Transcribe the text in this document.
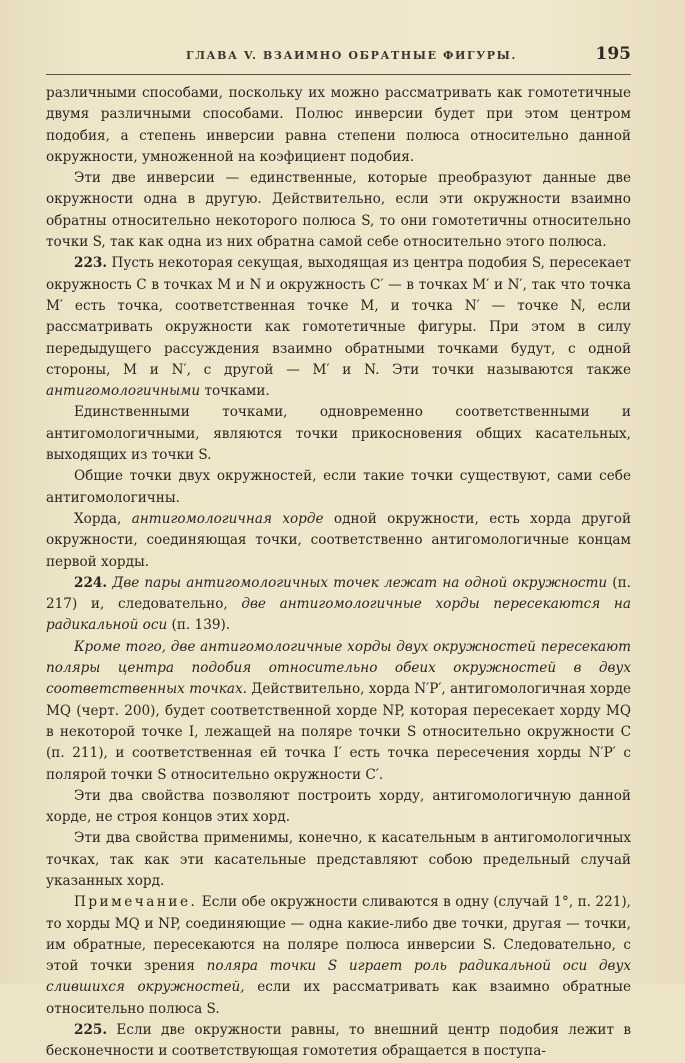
ГЛАВА V. ВЗАИМНО ОБРАТНЫЕ ФИГУРЫ.	195

различными способами, поскольку их можно рассматривать как гомотетичные двумя различными способами. Полюс инверсии будет при этом центром подобия, а степень инверсии равна степени полюса относительно данной окружности, умноженной на коэфициент подобия.

Эти две инверсии — единственные, которые преобразуют данные две окружности одна в другую. Действительно, если эти окружности взаимно обратны относительно некоторого полюса S, то они гомотетичны относительно точки S, так как одна из них обратна самой себе относительно этого полюса.

223. Пусть некоторая секущая, выходящая из центра подобия S, пересекает окружность C в точках M и N и окружность C′ — в точках M′ и N′, так что точка M′ есть точка, соответственная точке M, и точка N′ — точке N, если рассматривать окружности как гомотетичные фигуры. При этом в силу передыдущего рассуждения взаимно обратными точками будут, с одной стороны, M и N′, с другой — M′ и N. Эти точки называются также антигомологичными точками.

Единственными точками, одновременно соответственными и антигомологичными, являются точки прикосновения общих касательных, выходящих из точки S.

Общие точки двух окружностей, если такие точки существуют, сами себе антигомологичны.

Хорда, антигомологичная хорде одной окружности, есть хорда другой окружности, соединяющая точки, соответственно антигомологичные концам первой хорды.

224. Две пары антигомологичных точек лежат на одной окружности (п. 217) и, следовательно, две антигомологичные хорды пересекаются на радикальной оси (п. 139).

Кроме того, две антигомологичные хорды двух окружностей пересекают поляры центра подобия относительно обеих окружностей в двух соответственных точках. Действительно, хорда N′P′, антигомологичная хорде MQ (черт. 200), будет соответственной хорде NP, которая пересекает хорду MQ в некоторой точке I, лежащей на поляре точки S относительно окружности C (п. 211), и соответственная ей точка I′ есть точка пересечения хорды N′P′ с полярой точки S относительно окружности C′.

Эти два свойства позволяют построить хорду, антигомологичную данной хорде, не строя концов этих хорд.

Эти два свойства применимы, конечно, к касательным в антигомологичных точках, так как эти касательные представляют собою предельный случай указанных хорд.

Примечание. Если обе окружности сливаются в одну (случай 1°, п. 221), то хорды MQ и NP, соединяющие — одна какие-либо две точки, другая — точки, им обратные, пересекаются на поляре полюса инверсии S. Следовательно, с этой точки зрения поляра точки S играет роль радикальной оси двух слившихся окружностей, если их рассматривать как взаимно обратные относительно полюса S.

225. Если две окружности равны, то внешний центр подобия лежит в бесконечности и соответствующая гомотетия обращается в поступа-
